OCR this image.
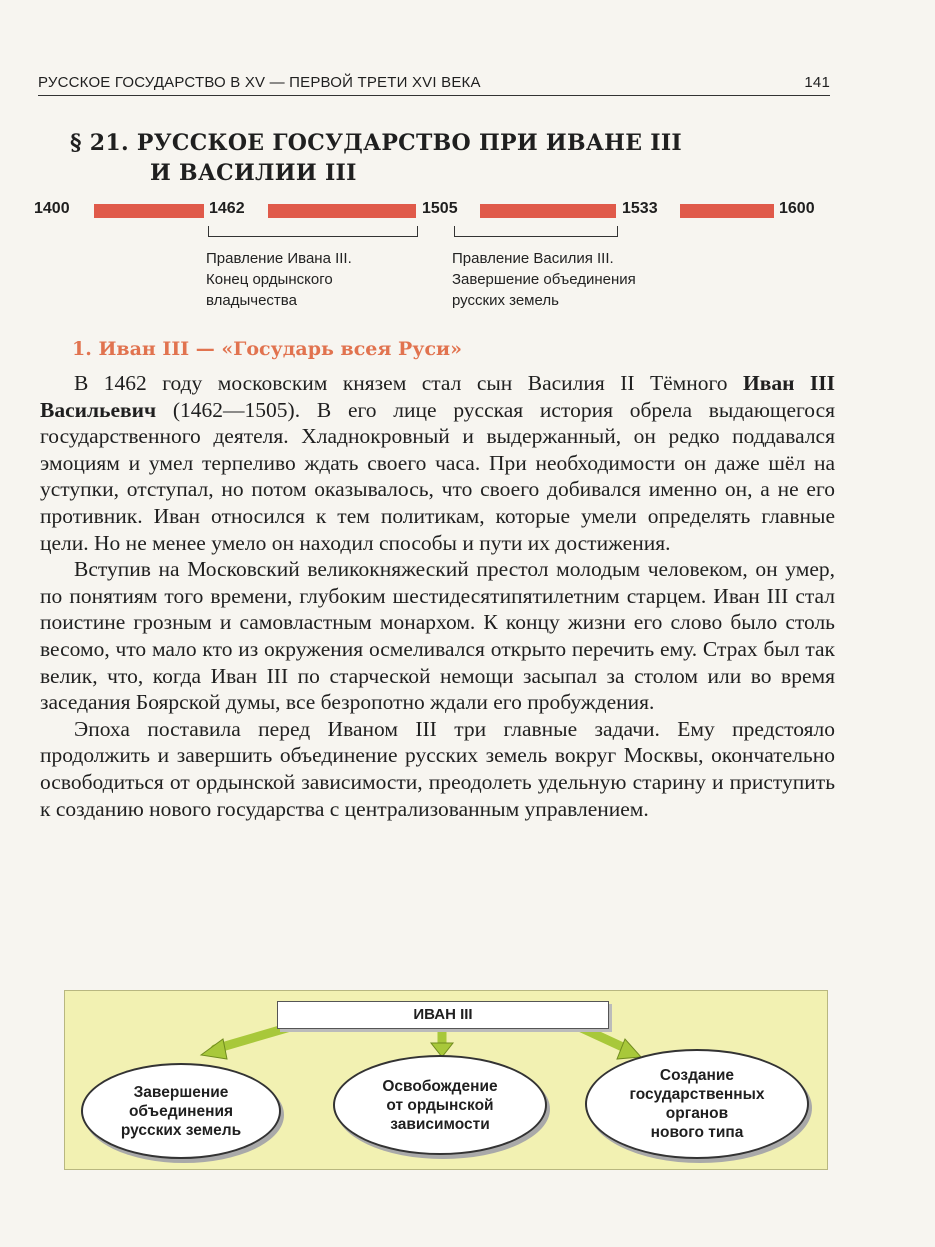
РУССКОЕ ГОСУДАРСТВО В XV — ПЕРВОЙ ТРЕТИ XVI ВЕКА	141
§ 21. РУССКОЕ ГОСУДАРСТВО ПРИ ИВАНЕ III
И ВАСИЛИИ III
1400	1462	1505	1533	1600
Правление Ивана III.
Конец ордынского
владычества
Правление Василия III.
Завершение объединения
русских земель
1. Иван III — «Государь всея Руси»

В 1462 году московским князем стал сын Василия II Тёмного Иван III Васильевич (1462—1505). В его лице русская история обрела выдающегося государственного деятеля. Хладнокровный и выдержанный, он редко поддавался эмоциям и умел терпеливо ждать своего часа. При необходимости он даже шёл на уступки, отступал, но потом оказывалось, что своего добивался именно он, а не его противник. Иван относился к тем политикам, которые умели определять главные цели. Но не менее умело он находил способы и пути их достижения.

Вступив на Московский великокняжеский престол молодым человеком, он умер, по понятиям того времени, глубоким шестидесятипятилетним старцем. Иван III стал поистине грозным и самовластным монархом. К концу жизни его слово было столь весомо, что мало кто из окружения осмеливался открыто перечить ему. Страх был так велик, что, когда Иван III по старческой немощи засыпал за столом или во время заседания Боярской думы, все безропотно ждали его пробуждения.

Эпоха поставила перед Иваном III три главные задачи. Ему предстояло продолжить и завершить объединение русских земель вокруг Москвы, окончательно освободиться от ордынской зависимости, преодолеть удельную старину и приступить к созданию нового государства с централизованным управлением.

ИВАН III
Завершение
объединения
русских земель
Освобождение
от ордынской
зависимости
Создание
государственных
органов
нового типа
